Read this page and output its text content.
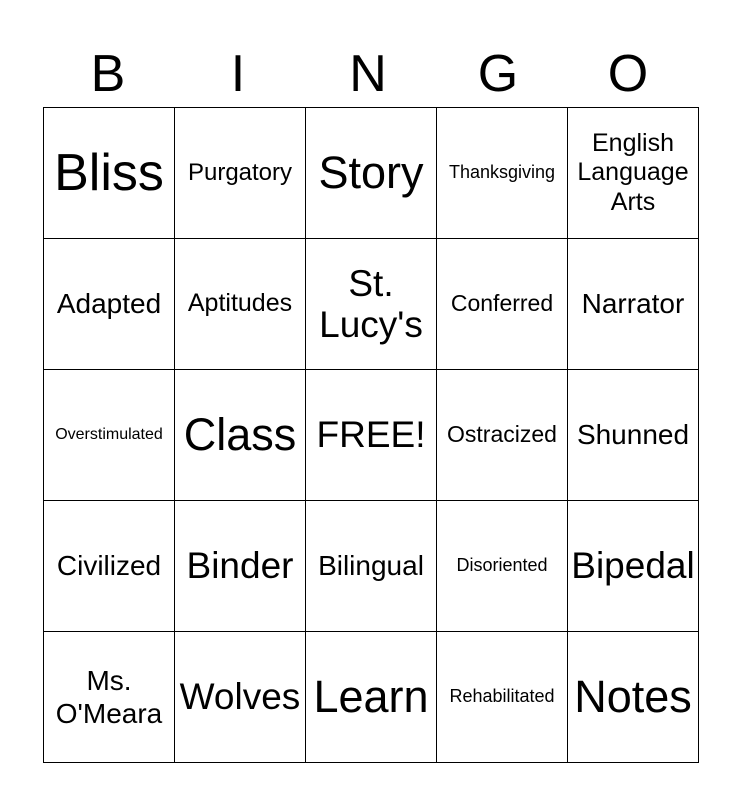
B	I	N	G	O
Bliss	Purgatory	Story	Thanksgiving	English Language Arts

Adapted	Aptitudes	St. Lucy's	Conferred	Narrator

Overstimulated	Class	FREE!	Ostracized	Shunned

Civilized	Binder	Bilingual	Disoriented	Bipedal

Ms. O'Meara	Wolves	Learn	Rehabilitated	Notes
